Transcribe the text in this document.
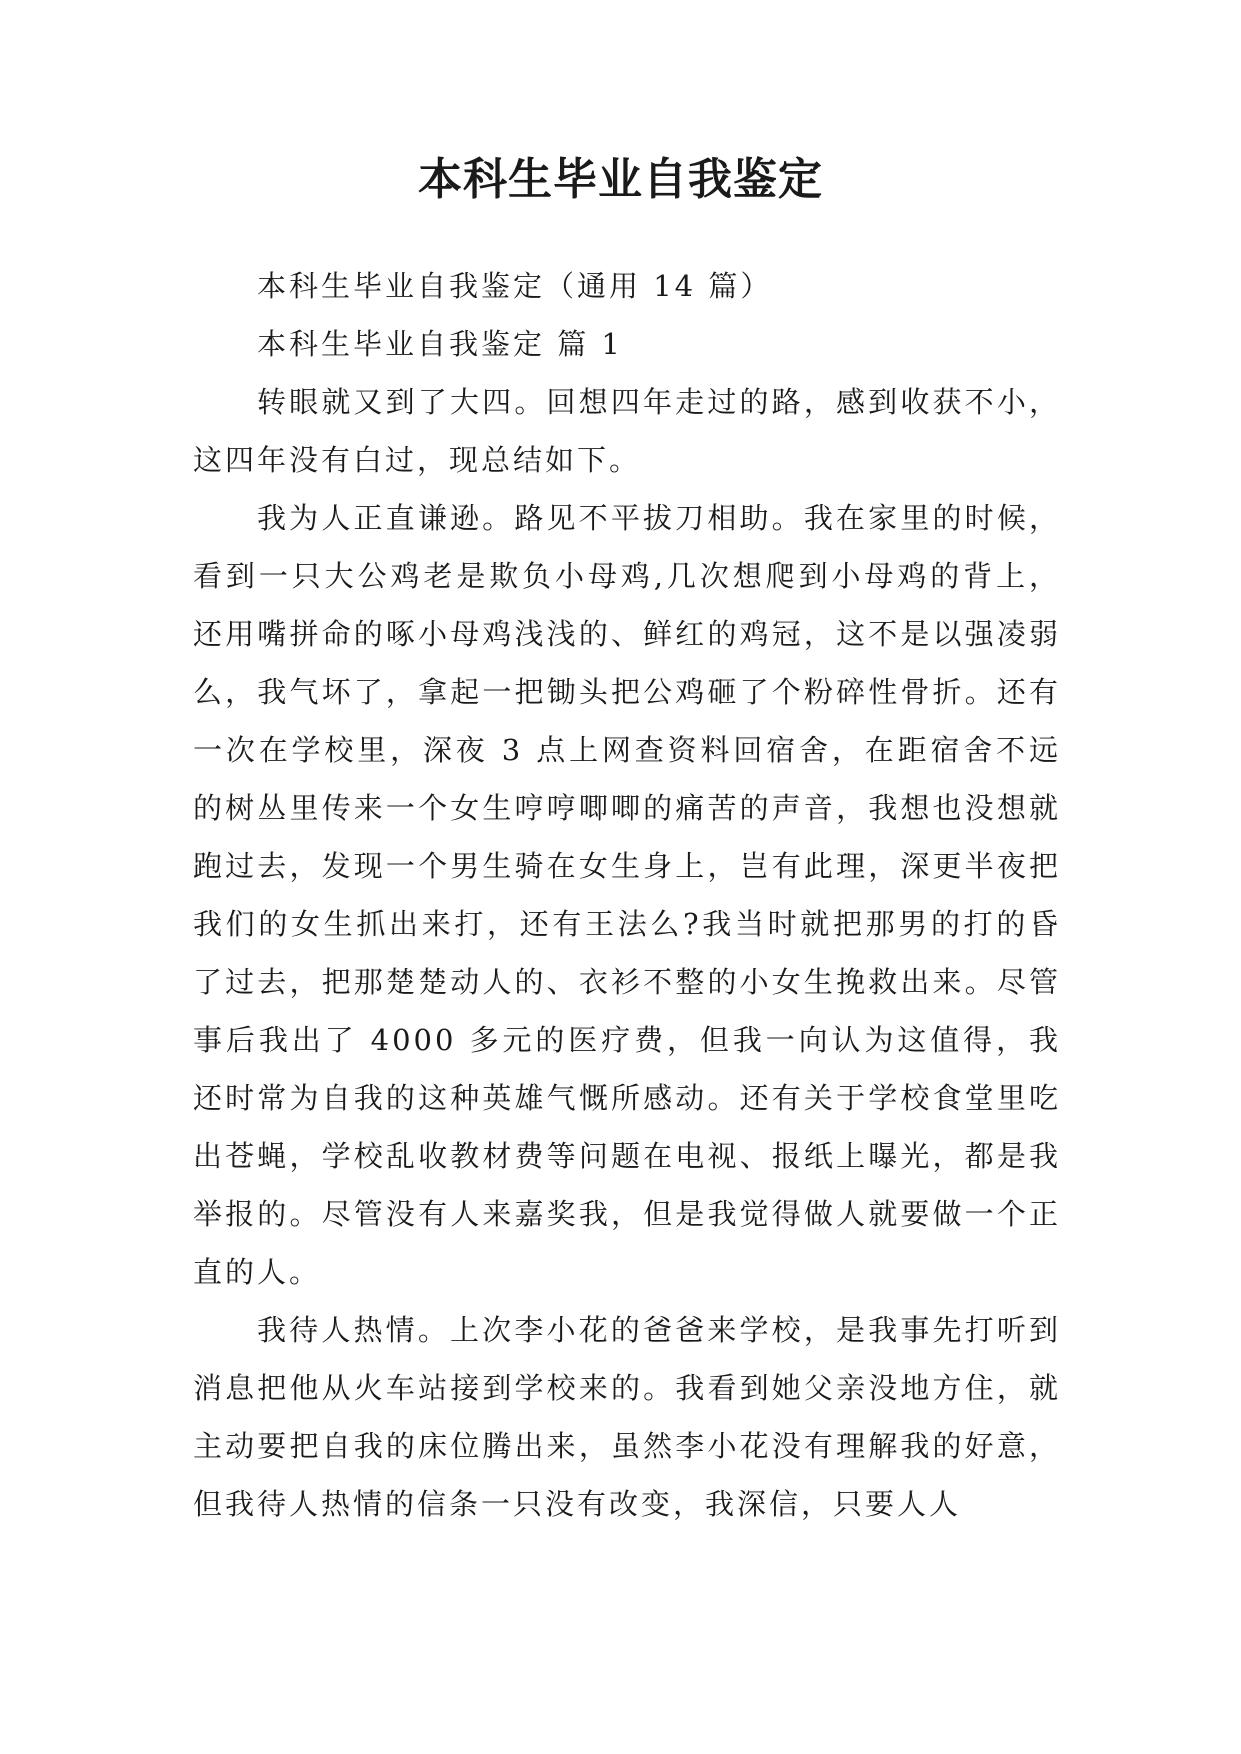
本科生毕业自我鉴定

本科生毕业自我鉴定（通用 14 篇）

本科生毕业自我鉴定 篇 1

转眼就又到了大四。回想四年走过的路，感到收获不小，这四年没有白过，现总结如下。

我为人正直谦逊。路见不平拔刀相助。我在家里的时候，看到一只大公鸡老是欺负小母鸡,几次想爬到小母鸡的背上，还用嘴拼命的啄小母鸡浅浅的、鲜红的鸡冠，这不是以强凌弱么，我气坏了，拿起一把锄头把公鸡砸了个粉碎性骨折。还有一次在学校里，深夜 3 点上网查资料回宿舍，在距宿舍不远的树丛里传来一个女生哼哼唧唧的痛苦的声音，我想也没想就跑过去，发现一个男生骑在女生身上，岂有此理，深更半夜把我们的女生抓出来打，还有王法么?我当时就把那男的打的昏了过去，把那楚楚动人的、衣衫不整的小女生挽救出来。尽管事后我出了 4000 多元的医疗费，但我一向认为这值得，我还时常为自我的这种英雄气慨所感动。还有关于学校食堂里吃出苍蝇，学校乱收教材费等问题在电视、报纸上曝光，都是我举报的。尽管没有人来嘉奖我，但是我觉得做人就要做一个正直的人。

我待人热情。上次李小花的爸爸来学校，是我事先打听到消息把他从火车站接到学校来的。我看到她父亲没地方住，就主动要把自我的床位腾出来，虽然李小花没有理解我的好意，但我待人热情的信条一只没有改变，我深信，只要人人
